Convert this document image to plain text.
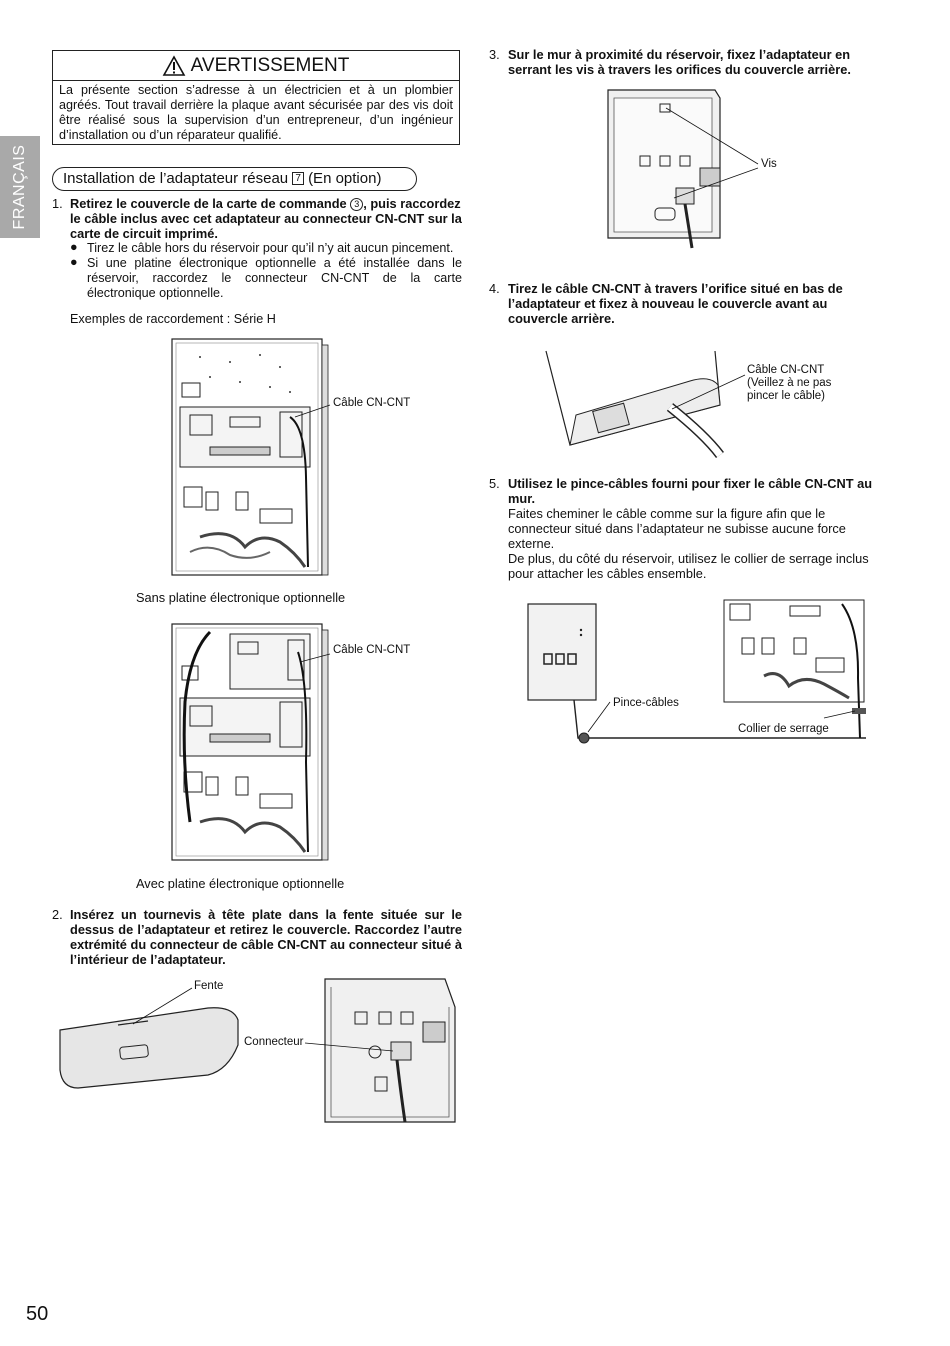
FRANÇAIS
AVERTISSEMENT
La présente section s’adresse à un électricien et à un plombier agréés. Tout travail derrière la plaque avant sécurisée par des vis doit être réalisé sous la supervision d’un entrepreneur, d’un ingénieur d’installation ou d’un réparateur qualifié.
Installation de l’adaptateur réseau 7 (En option)
1. Retirez le couvercle de la carte de commande 3 , puis raccordez le câble inclus avec cet adaptateur au connecteur CN-CNT sur la carte de circuit imprimé.
● Tirez le câble hors du réservoir pour qu’il n’y ait aucun pincement.
● Si une platine électronique optionnelle a été installée dans le réservoir, raccordez le connecteur CN-CNT de la carte électronique optionnelle.
Exemples de raccordement : Série H
Câble CN-CNT
Sans platine électronique optionnelle
Câble CN-CNT
Avec platine électronique optionnelle
2. Insérez un tournevis à tête plate dans la fente située sur le dessus de l’adaptateur et retirez le couvercle. Raccordez l’autre extrémité du connecteur de câble CN-CNT au connecteur situé à l’intérieur de l’adaptateur.
Fente
Connecteur
3. Sur le mur à proximité du réservoir, fixez l’adaptateur en serrant les vis à travers les orifices du couvercle arrière.
Vis
4. Tirez le câble CN-CNT à travers l’orifice situé en bas de l’adaptateur et fixez à nouveau le couvercle avant au couvercle arrière.
Câble CN-CNT
(Veillez à ne pas
pincer le câble)
5. Utilisez le pince-câbles fourni pour fixer le câble CN-CNT au mur.
Faites cheminer le câble comme sur la figure afin que le connecteur situé dans l’adaptateur ne subisse aucune force externe.
De plus, du côté du réservoir, utilisez le collier de serrage inclus pour attacher les câbles ensemble.
Pince-câbles
Collier de serrage
50
